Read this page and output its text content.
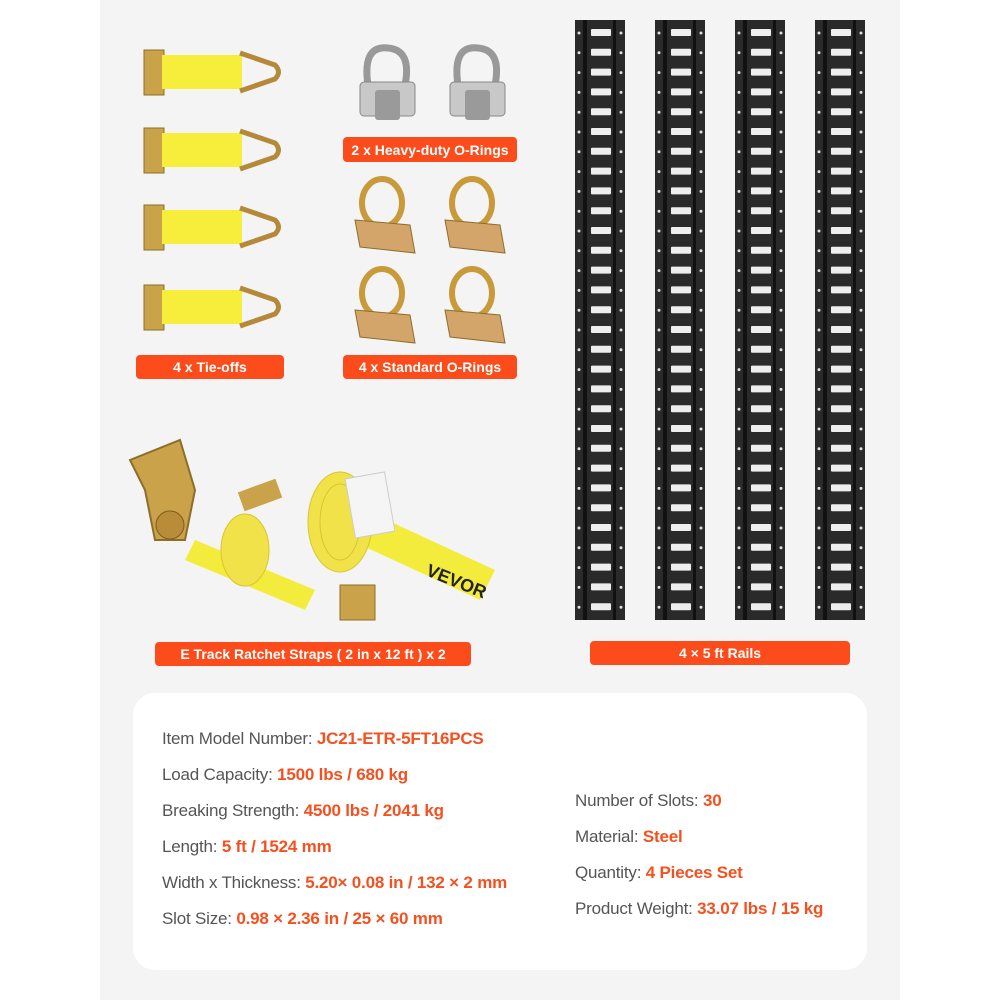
2 x Heavy-duty O-Rings
4 x Tie-offs	4 x Standard O-Rings
VEVOR
E Track Ratchet Straps ( 2 in x 12 ft ) x 2	4 × 5 ft Rails
Item Model Number: JC21-ETR-5FT16PCS
Load Capacity: 1500 lbs / 680 kg
Breaking Strength: 4500 lbs / 2041 kg
Length: 5 ft / 1524 mm
Width x Thickness: 5.20× 0.08 in / 132 × 2 mm
Slot Size: 0.98 × 2.36 in / 25 × 60 mm
Number of Slots: 30
Material: Steel
Quantity: 4 Pieces Set
Product Weight: 33.07 lbs / 15 kg
